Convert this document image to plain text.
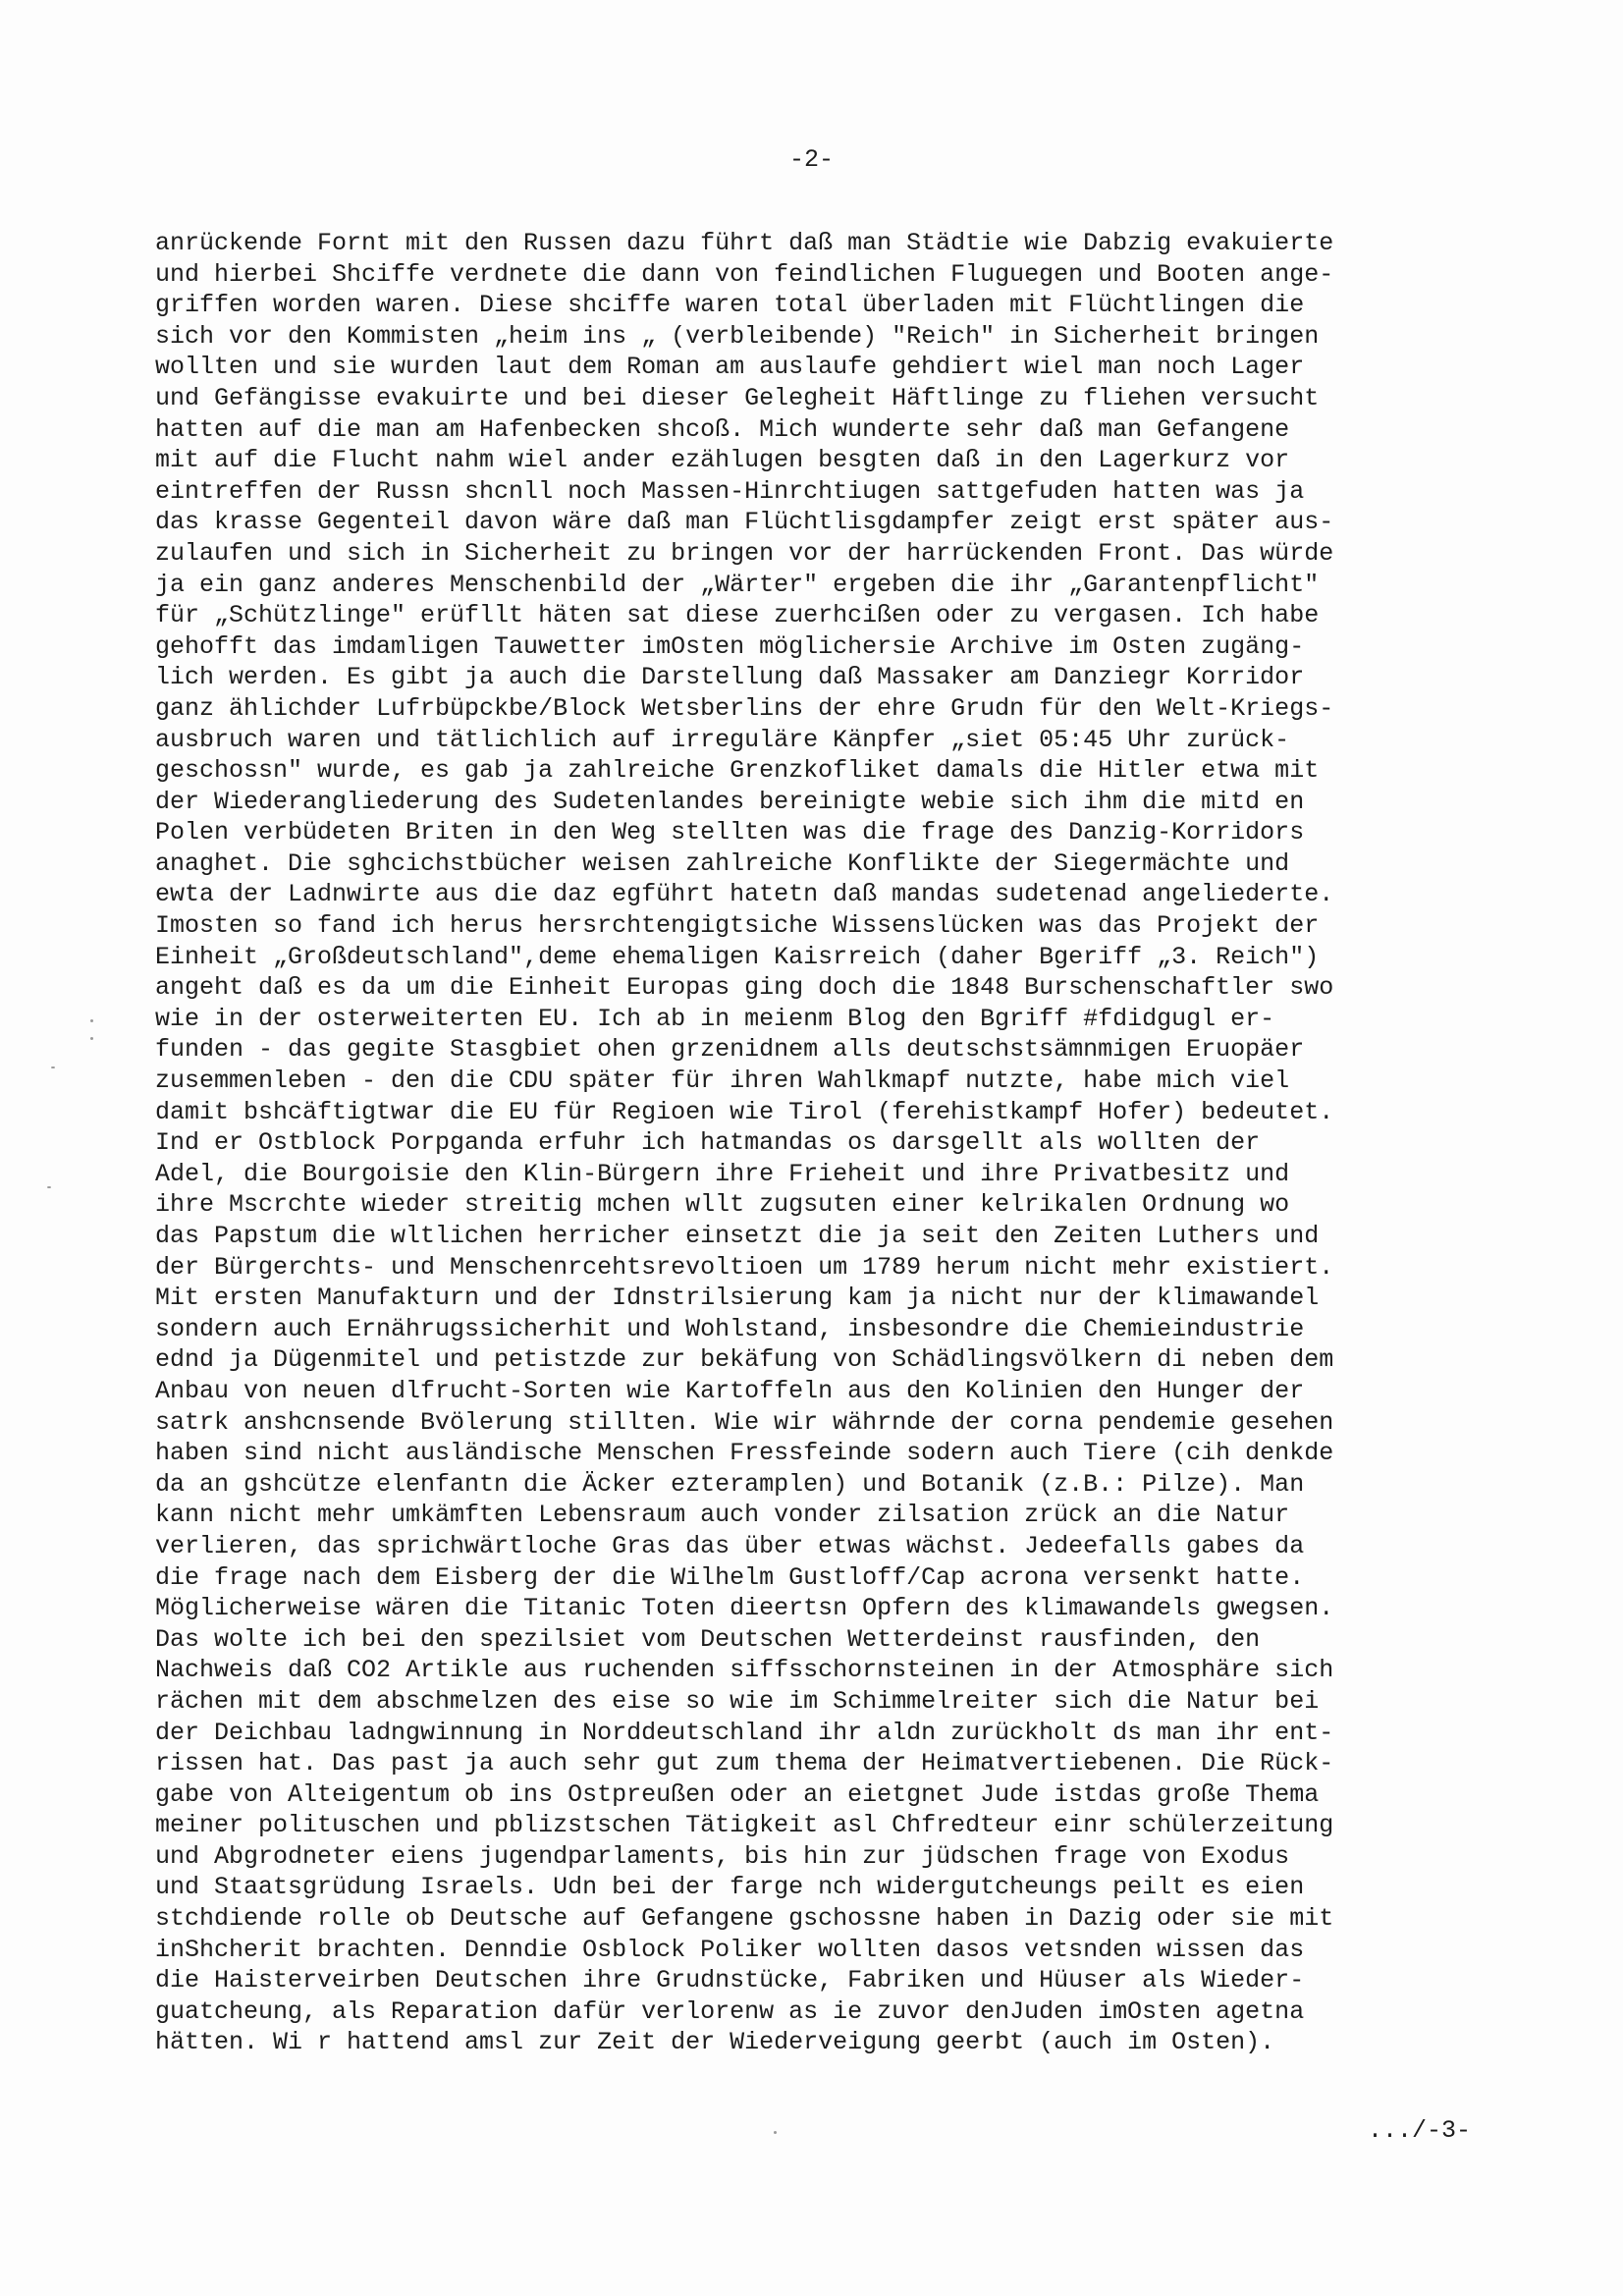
-2-
anrückende Fornt mit den Russen dazu führt daß man Städtie wie Dabzig evakuierte
und hierbei Shciffe verdnete die dann von feindlichen Fluguegen und Booten ange-
griffen worden waren. Diese shciffe waren total überladen mit Flüchtlingen die
sich vor den Kommisten „heim ins „ (verbleibende) "Reich" in Sicherheit bringen
wollten und sie wurden laut dem Roman am auslaufe gehdiert wiel man noch Lager
und Gefängisse evakuirte und bei dieser Gelegheit Häftlinge zu fliehen versucht
hatten auf die man am Hafenbecken shcoß. Mich wunderte sehr daß man Gefangene
mit auf die Flucht nahm wiel ander ezählugen besgten daß in den Lagerkurz vor
eintreffen der Russn shcnll noch Massen-Hinrchtiugen sattgefuden hatten was ja
das krasse Gegenteil davon wäre daß man Flüchtlisgdampfer zeigt erst später aus-
zulaufen und sich in Sicherheit zu bringen vor der harrückenden Front. Das würde
ja ein ganz anderes Menschenbild der „Wärter" ergeben die ihr „Garantenpflicht"
für „Schützlinge" erüfllt häten sat diese zuerhcißen oder zu vergasen. Ich habe
gehofft das imdamligen Tauwetter imOsten möglichersie Archive im Osten zugäng-
lich werden. Es gibt ja auch die Darstellung daß Massaker am Danziegr Korridor
ganz ählichder Lufrbüpckbe/Block Wetsberlins der ehre Grudn für den Welt-Kriegs-
ausbruch waren und tätlichlich auf irreguläre Känpfer „siet 05:45 Uhr zurück-
geschossn" wurde, es gab ja zahlreiche Grenzkofliket damals die Hitler etwa mit
der Wiederangliederung des Sudetenlandes bereinigte webie sich ihm die mitd en
Polen verbüdeten Briten in den Weg stellten was die frage des Danzig-Korridors
anaghet. Die sghcichstbücher weisen zahlreiche Konflikte der Siegermächte und
ewta der Ladnwirte aus die daz egführt hatetn daß mandas sudetenad angeliederte.
Imosten so fand ich herus hersrchtengigtsiche Wissenslücken was das Projekt der
Einheit „Großdeutschland",deme ehemaligen Kaisrreich (daher Bgeriff „3. Reich")
angeht daß es da um die Einheit Europas ging doch die 1848 Burschenschaftler swo
wie in der osterweiterten EU. Ich ab in meienm Blog den Bgriff #fdidgugl er-
funden - das gegite Stasgbiet ohen grzenidnem alls deutschstsämnmigen Eruopäer
zusemmenleben - den die CDU später für ihren Wahlkmapf nutzte, habe mich viel
damit bshcäftigtwar die EU für Regioen wie Tirol (ferehistkampf Hofer) bedeutet.
Ind er Ostblock Porpganda erfuhr ich hatmandas os darsgellt als wollten der
Adel, die Bourgoisie den Klin-Bürgern ihre Frieheit und ihre Privatbesitz und
ihre Mscrchte wieder streitig mchen wllt zugsuten einer kelrikalen Ordnung wo
das Papstum die wltlichen herricher einsetzt die ja seit den Zeiten Luthers und
der Bürgerchts- und Menschenrcehtsrevoltioen um 1789 herum nicht mehr existiert.
Mit ersten Manufakturn und der Idnstrilsierung kam ja nicht nur der klimawandel
sondern auch Ernährugssicherhit und Wohlstand, insbesondre die Chemieindustrie
ednd ja Dügenmitel und petistzde zur bekäfung von Schädlingsvölkern di neben dem
Anbau von neuen dlfrucht-Sorten wie Kartoffeln aus den Kolinien den Hunger der
satrk anshcnsende Bvölerung stillten. Wie wir währnde der corna pendemie gesehen
haben sind nicht ausländische Menschen Fressfeinde sodern auch Tiere (cih denkde
da an gshcütze elenfantn die Äcker ezteramplen) und Botanik (z.B.: Pilze). Man
kann nicht mehr umkämften Lebensraum auch vonder zilsation zrück an die Natur
verlieren, das sprichwärtloche Gras das über etwas wächst. Jedeefalls gabes da
die frage nach dem Eisberg der die Wilhelm Gustloff/Cap acrona versenkt hatte.
Möglicherweise wären die Titanic Toten dieertsn Opfern des klimawandels gwegsen.
Das wolte ich bei den spezilsiet vom Deutschen Wetterdeinst rausfinden, den
Nachweis daß CO2 Artikle aus ruchenden siffsschornsteinen in der Atmosphäre sich
rächen mit dem abschmelzen des eise so wie im Schimmelreiter sich die Natur bei
der Deichbau ladngwinnung in Norddeutschland ihr aldn zurückholt ds man ihr ent-
rissen hat. Das past ja auch sehr gut zum thema der Heimatvertiebenen. Die Rück-
gabe von Alteigentum ob ins Ostpreußen oder an eietgnet Jude istdas große Thema
meiner polituschen und pblizstschen Tätigkeit asl Chfredteur einr schülerzeitung
und Abgrodneter eiens jugendparlaments, bis hin zur jüdschen frage von Exodus
und Staatsgrüdung Israels. Udn bei der farge nch widergutcheungs peilt es eien
stchdiende rolle ob Deutsche auf Gefangene gschossne haben in Dazig oder sie mit
inShcherit brachten. Denndie Osblock Poliker wollten dasos vetsnden wissen das
die Haisterveirben Deutschen ihre Grudnstücke, Fabriken und Hüuser als Wieder-
guatcheung, als Reparation dafür verlorenw as ie zuvor denJuden imOsten agetna
hätten. Wi r hattend amsl zur Zeit der Wiederveigung geerbt (auch im Osten).
.../-3-
